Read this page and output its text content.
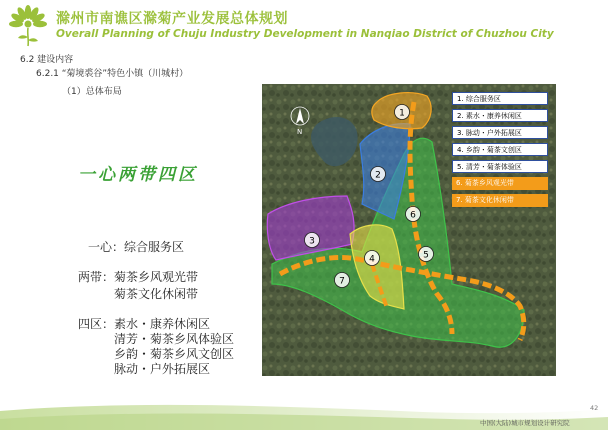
滁州市南谯区滁菊产业发展总体规划
Overall Planning of Chuju Industry Development in Nanqiao District of Chuzhou City
6.2 建设内容
6.2.1 “菊境裘谷”特色小镇（川城村）
（1）总体布局
一心两带四区
一心：综合服务区
两带： 菊茶乡风观光带
菊茶文化休闲带
四区： 素水・康养休闲区
清芳・菊茶乡风体验区
乡韵・菊茶乡风文创区
脉动・户外拓展区
N
1
2
3
4	5
6
7
1. 综合服务区
2. 素水・康养休闲区
3. 脉动・户外拓展区
4. 乡韵・菊茶文创区
5. 清芳・菊茶体验区
6. 菊茶乡风观光带
7. 菊茶文化休闲带
中国(大陆)城市规划设计研究院
42
